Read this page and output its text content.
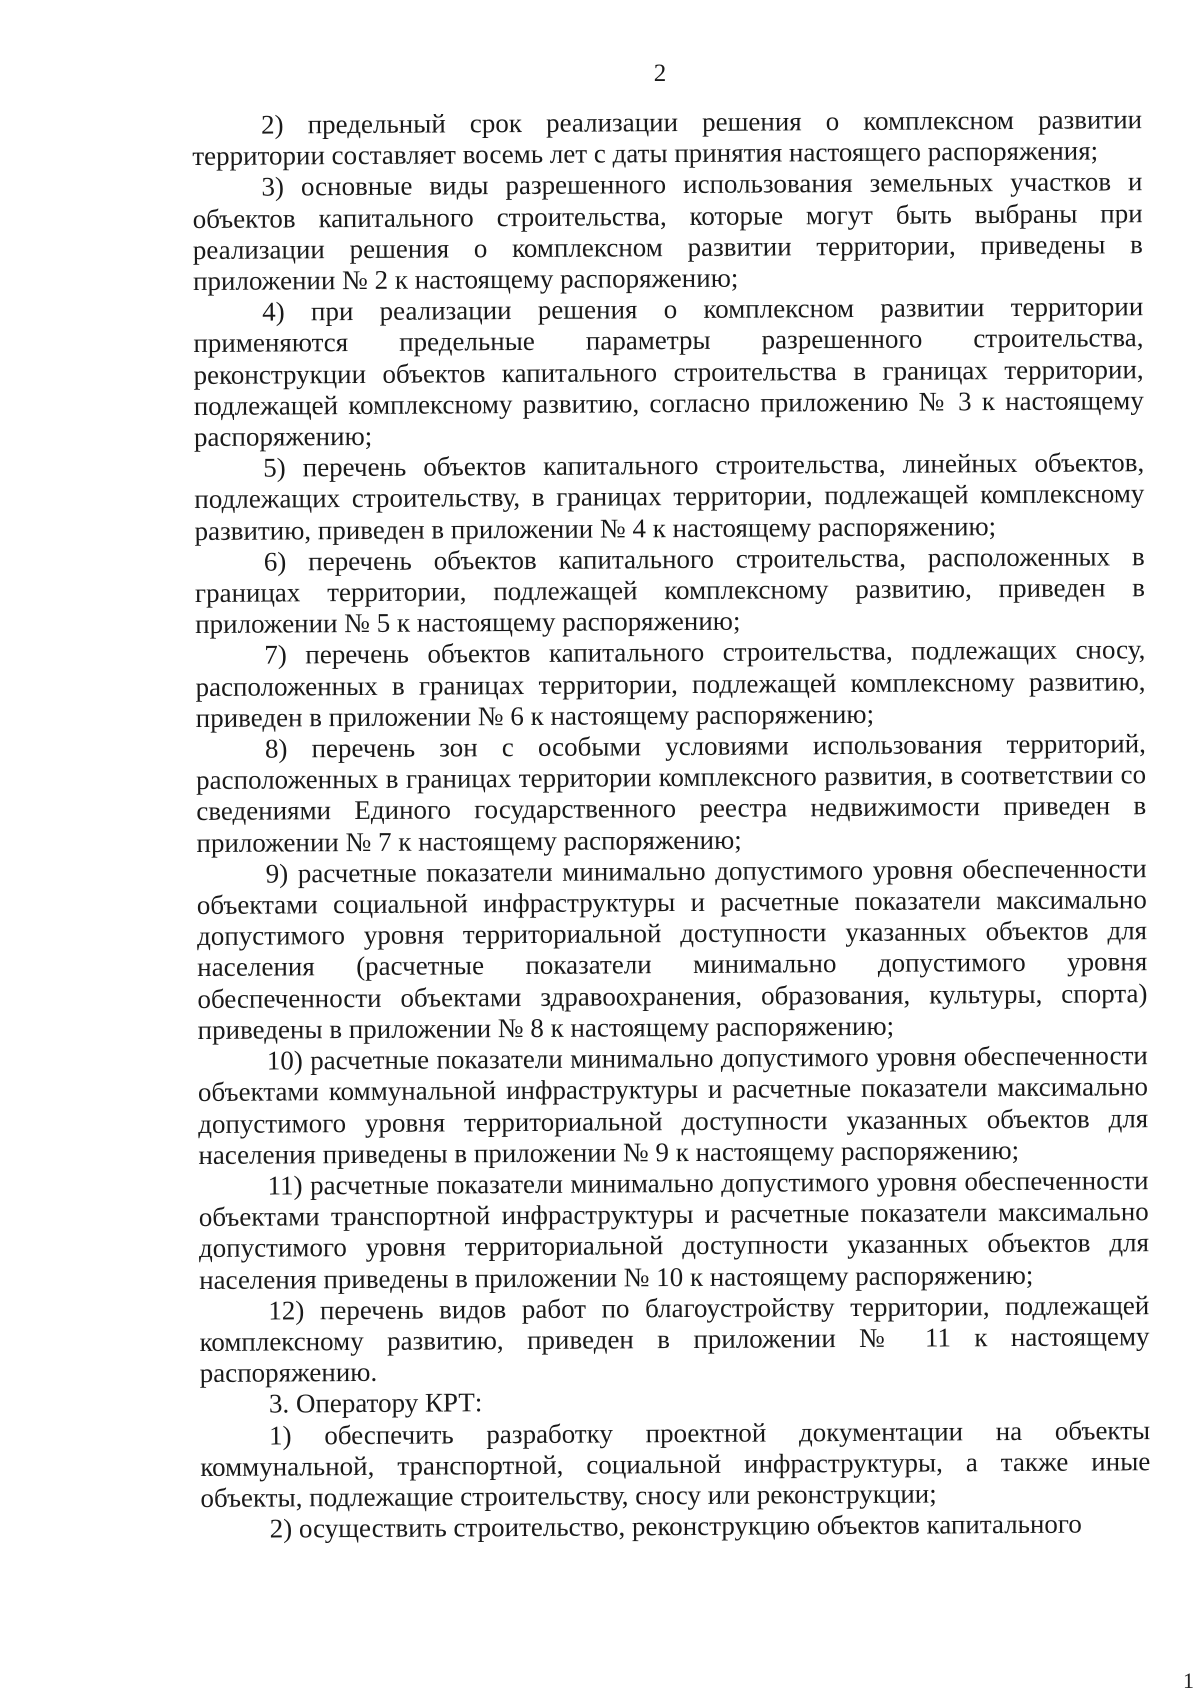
2

2) предельный срок реализации решения о комплексном развитии территории составляет восемь лет с даты принятия настоящего распоряжения;

3) основные виды разрешенного использования земельных участков и объектов капитального строительства, которые могут быть выбраны при реализации решения о комплексном развитии территории, приведены в приложении № 2 к настоящему распоряжению;

4) при реализации решения о комплексном развитии территории применяются предельные параметры разрешенного строительства, реконструкции объектов капитального строительства в границах территории, подлежащей комплексному развитию, согласно приложению № 3 к настоящему распоряжению;

5) перечень объектов капитального строительства, линейных объектов, подлежащих строительству, в границах территории, подлежащей комплексному развитию, приведен в приложении № 4 к настоящему распоряжению;

6) перечень объектов капитального строительства, расположенных в границах территории, подлежащей комплексному развитию, приведен в приложении № 5 к настоящему распоряжению;

7) перечень объектов капитального строительства, подлежащих сносу, расположенных в границах территории, подлежащей комплексному развитию, приведен в приложении № 6 к настоящему распоряжению;

8) перечень зон с особыми условиями использования территорий, расположенных в границах территории комплексного развития, в соответствии со сведениями Единого государственного реестра недвижимости приведен в приложении № 7 к настоящему распоряжению;

9) расчетные показатели минимально допустимого уровня обеспеченности объектами социальной инфраструктуры и расчетные показатели максимально допустимого уровня территориальной доступности указанных объектов для населения (расчетные показатели минимально допустимого уровня обеспеченности объектами здравоохранения, образования, культуры, спорта) приведены в приложении № 8 к настоящему распоряжению;

10) расчетные показатели минимально допустимого уровня обеспеченности объектами коммунальной инфраструктуры и расчетные показатели максимально допустимого уровня территориальной доступности указанных объектов для населения приведены в приложении № 9 к настоящему распоряжению;

11) расчетные показатели минимально допустимого уровня обеспеченности объектами транспортной инфраструктуры и расчетные показатели максимально допустимого уровня территориальной доступности указанных объектов для населения приведены в приложении № 10 к настоящему распоряжению;

12) перечень видов работ по благоустройству территории, подлежащей комплексному развитию, приведен в приложении № 11 к настоящему распоряжению.

3. Оператору КРТ:

1) обеспечить разработку проектной документации на объекты коммунальной, транспортной, социальной инфраструктуры, а также иные объекты, подлежащие строительству, сносу или реконструкции;

2) осуществить строительство, реконструкцию объектов капитального

1
